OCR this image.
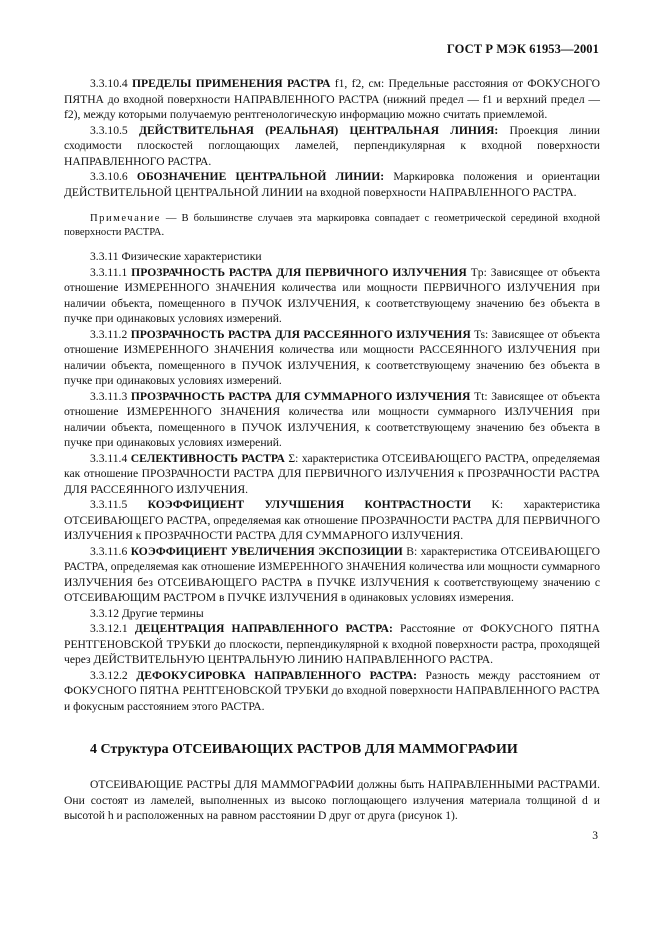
ГОСТ Р МЭК 61953—2001

3.3.10.4 ПРЕДЕЛЫ ПРИМЕНЕНИЯ РАСТРА f1, f2, см: Предельные расстояния от ФОКУСНОГО ПЯТНА до входной поверхности НАПРАВЛЕННОГО РАСТРА (нижний предел — f1 и верхний предел — f2), между которыми получаемую рентгенологическую информацию можно считать приемлемой.

3.3.10.5 ДЕЙСТВИТЕЛЬНАЯ (РЕАЛЬНАЯ) ЦЕНТРАЛЬНАЯ ЛИНИЯ: Проекция линии сходимости плоскостей поглощающих ламелей, перпендикулярная к входной поверхности НАПРАВЛЕННОГО РАСТРА.

3.3.10.6 ОБОЗНАЧЕНИЕ ЦЕНТРАЛЬНОЙ ЛИНИИ: Маркировка положения и ориентации ДЕЙСТВИТЕЛЬНОЙ ЦЕНТРАЛЬНОЙ ЛИНИИ на входной поверхности НАПРАВЛЕННОГО РАСТРА.

Примечание — В большинстве случаев эта маркировка совпадает с геометрической серединой входной поверхности РАСТРА.

3.3.11 Физические характеристики

3.3.11.1 ПРОЗРАЧНОСТЬ РАСТРА ДЛЯ ПЕРВИЧНОГО ИЗЛУЧЕНИЯ Tp: Зависящее от объекта отношение ИЗМЕРЕННОГО ЗНАЧЕНИЯ количества или мощности ПЕРВИЧНОГО ИЗЛУЧЕНИЯ при наличии объекта, помещенного в ПУЧОК ИЗЛУЧЕНИЯ, к соответствующему значению без объекта в пучке при одинаковых условиях измерений.

3.3.11.2 ПРОЗРАЧНОСТЬ РАСТРА ДЛЯ РАССЕЯННОГО ИЗЛУЧЕНИЯ Ts: Зависящее от объекта отношение ИЗМЕРЕННОГО ЗНАЧЕНИЯ количества или мощности РАССЕЯННОГО ИЗЛУЧЕНИЯ при наличии объекта, помещенного в ПУЧОК ИЗЛУЧЕНИЯ, к соответствующему значению без объекта в пучке при одинаковых условиях измерений.

3.3.11.3 ПРОЗРАЧНОСТЬ РАСТРА ДЛЯ СУММАРНОГО ИЗЛУЧЕНИЯ Tt: Зависящее от объекта отношение ИЗМЕРЕННОГО ЗНАЧЕНИЯ количества или мощности суммарного ИЗЛУЧЕНИЯ при наличии объекта, помещенного в ПУЧОК ИЗЛУЧЕНИЯ, к соответствующему значению без объекта в пучке при одинаковых условиях измерений.

3.3.11.4 СЕЛЕКТИВНОСТЬ РАСТРА Σ: характеристика ОТСЕИВАЮЩЕГО РАСТРА, определяемая как отношение ПРОЗРАЧНОСТИ РАСТРА ДЛЯ ПЕРВИЧНОГО ИЗЛУЧЕНИЯ к ПРОЗРАЧНОСТИ РАСТРА ДЛЯ РАССЕЯННОГО ИЗЛУЧЕНИЯ.

3.3.11.5 КОЭФФИЦИЕНТ УЛУЧШЕНИЯ КОНТРАСТНОСТИ K: характеристика ОТСЕИВАЮЩЕГО РАСТРА, определяемая как отношение ПРОЗРАЧНОСТИ РАСТРА ДЛЯ ПЕРВИЧНОГО ИЗЛУЧЕНИЯ к ПРОЗРАЧНОСТИ РАСТРА ДЛЯ СУММАРНОГО ИЗЛУЧЕНИЯ.

3.3.11.6 КОЭФФИЦИЕНТ УВЕЛИЧЕНИЯ ЭКСПОЗИЦИИ B: характеристика ОТСЕИВАЮЩЕГО РАСТРА, определяемая как отношение ИЗМЕРЕННОГО ЗНАЧЕНИЯ количества или мощности суммарного ИЗЛУЧЕНИЯ без ОТСЕИВАЮЩЕГО РАСТРА в ПУЧКЕ ИЗЛУЧЕНИЯ к соответствующему значению с ОТСЕИВАЮЩИМ РАСТРОМ в ПУЧКЕ ИЗЛУЧЕНИЯ в одинаковых условиях измерения.

3.3.12 Другие термины

3.3.12.1 ДЕЦЕНТРАЦИЯ НАПРАВЛЕННОГО РАСТРА: Расстояние от ФОКУСНОГО ПЯТНА РЕНТГЕНОВСКОЙ ТРУБКИ до плоскости, перпендикулярной к входной поверхности растра, проходящей через ДЕЙСТВИТЕЛЬНУЮ ЦЕНТРАЛЬНУЮ ЛИНИЮ НАПРАВЛЕННОГО РАСТРА.

3.3.12.2 ДЕФОКУСИРОВКА НАПРАВЛЕННОГО РАСТРА: Разность между расстоянием от ФОКУСНОГО ПЯТНА РЕНТГЕНОВСКОЙ ТРУБКИ до входной поверхности НАПРАВЛЕННОГО РАСТРА и фокусным расстоянием этого РАСТРА.

4 Структура ОТСЕИВАЮЩИХ РАСТРОВ ДЛЯ МАММОГРАФИИ

ОТСЕИВАЮЩИЕ РАСТРЫ ДЛЯ МАММОГРАФИИ должны быть НАПРАВЛЕННЫМИ РАСТРАМИ. Они состоят из ламелей, выполненных из высоко поглощающего излучения материала толщиной d и высотой h и расположенных на равном расстоянии D друг от друга (рисунок 1).

3
